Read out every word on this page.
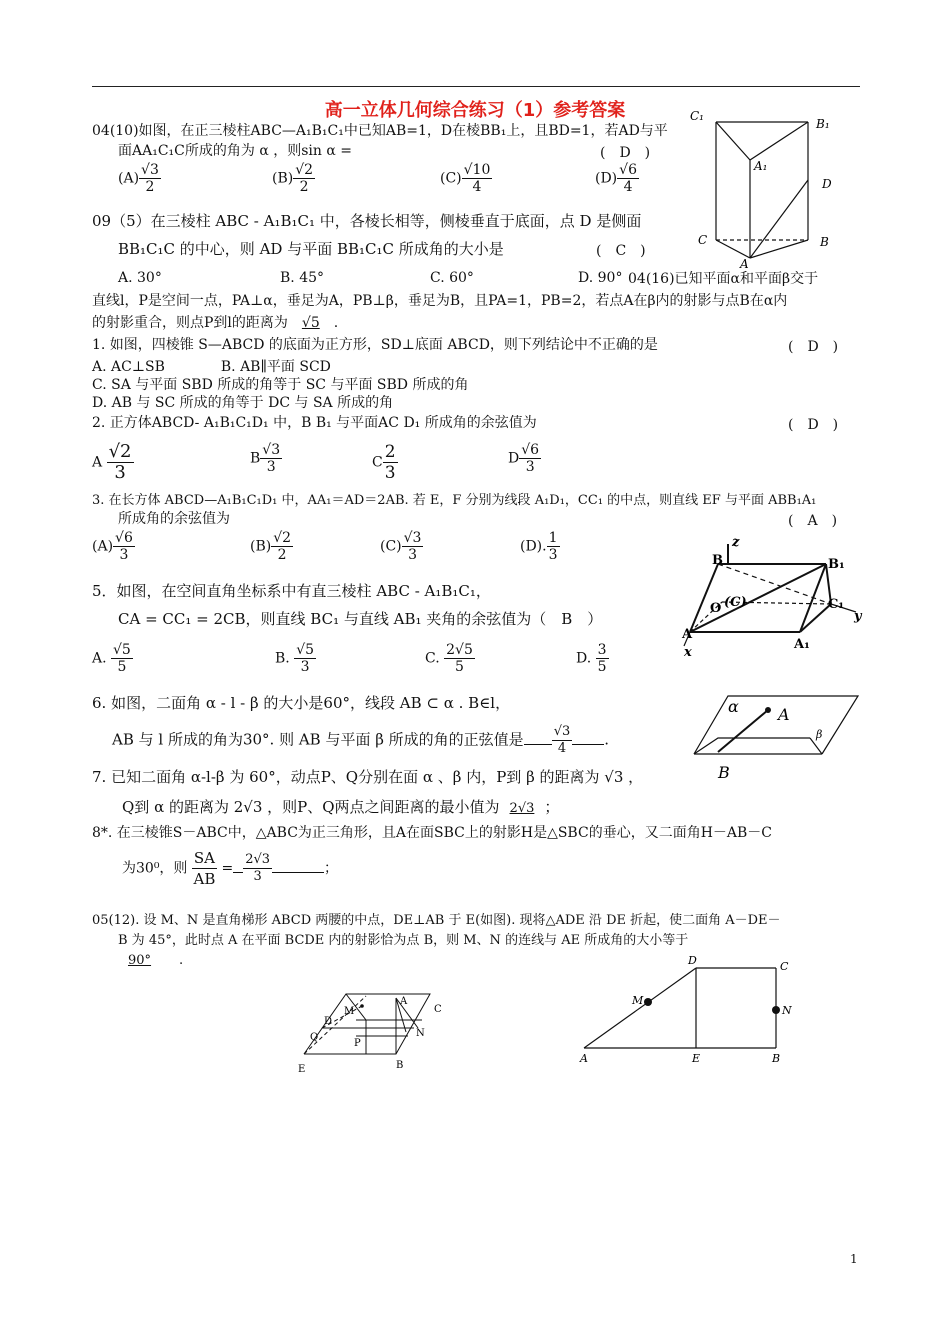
高一立体几何综合练习（1）参考答案
04(10)如图，在正三棱柱ABC—A₁B₁C₁中已知AB=1，D在棱BB₁上，且BD=1，若AD与平
面AA₁C₁C所成的角为 α ，则sin α =	(　D　)
$(A) \frac{√3}{2}$	$(B) \frac{√2}{2}$	$(C) \frac{√10}{4}$	$(D) \frac{√6}{4}$
C₁
B₁
A₁
D
C	B
A
09（5）在三棱柱 ABC - A₁B₁C₁ 中，各棱长相等，侧棱垂直于底面，点 D 是侧面
BB₁C₁C 的中心，则 AD 与平面 BB₁C₁C 所成角的大小是	(　C　)
A. 30°	B. 45°	C. 60°	D. 90° 04(16)已知平面α和平面β交于
直线l，P是空间一点，PA⊥α，垂足为A，PB⊥β，垂足为B，且PA=1，PB=2，若点A在β内的射影与点B在α内
的射影重合，则点P到l的距离为 √5 .
1. 如图，四棱锥 S—ABCD 的底面为正方形，SD⊥底面 ABCD，则下列结论中不正确的是	(　D　)
A. AC⊥SB　　　　B. AB∥平面 SCD
C. SA 与平面 SBD 所成的角等于 SC 与平面 SBD 所成的角
D. AB 与 SC 所成的角等于 DC 与 SA 所成的角
2. 正方体ABCD- A₁B₁C₁D₁ 中，B B₁ 与平面AC D₁ 所成角的余弦值为	(　D　)
A $\frac{√2}{3}$	B $\frac{√3}{3}$	C $\frac{2}{3}$	D $\frac{√6}{3}$
3. 在长方体 ABCD—A₁B₁C₁D₁ 中，AA₁＝AD＝2AB. 若 E，F 分别为线段 A₁D₁，CC₁ 的中点，则直线 EF 与平面 ABB₁A₁
所成角的余弦值为	(　A　)
$(A) \frac{√6}{3}$	$(B) \frac{√2}{2}$	$(C) \frac{√3}{3}$	(D). $\frac{1}{3}$	z
B	B₁
(C)
O	C₁
y
A
A₁
x
5．如图，在空间直角坐标系中有直三棱柱 ABC - A₁B₁C₁，
CA = CC₁ = 2CB，则直线 BC₁ 与直线 AB₁ 夹角的余弦值为（　B　）
A. $\frac{√5}{5}$	B. $\frac{√5}{3}$	C. $\frac{2√5}{5}$	D. $\frac{3}{5}$
6. 如图，二面角 α - l - β 的大小是60°，线段 AB ⊂ α . B∈l，
AB 与 l 所成的角为30°. 则 AB 与平面 β 所成的角的正弦值是 $\frac{√3}{4}$ .
α A
β
B
7. 已知二面角 α-l-β 为 60°，动点P、Q分别在面 α 、β 内，P到 β 的距离为 √3 ，
Q到 α 的距离为 2√3 ，则P、Q两点之间距离的最小值为 2√3 ；
8*. 在三棱锥S－ABC中，△ABC为正三角形，且A在面SBC上的射影H是△SBC的垂心，又二面角H－AB－C
为30⁰，则 $\frac{SA}{AB} = \frac{2√3}{3}$	；
05(12). 设 M、N 是直角梯形 ABCD 两腰的中点，DE⊥AB 于 E(如图). 现将△ADE 沿 DE 折起，使二面角 A－DE－
B 为 45°，此时点 A 在平面 BCDE 内的射影恰为点 B，则 M、N 的连线与 AE 所成角的大小等于
90° .
M
A
D
C
Q	N
P
E	B
D	C
M
N
A	E	B
1
